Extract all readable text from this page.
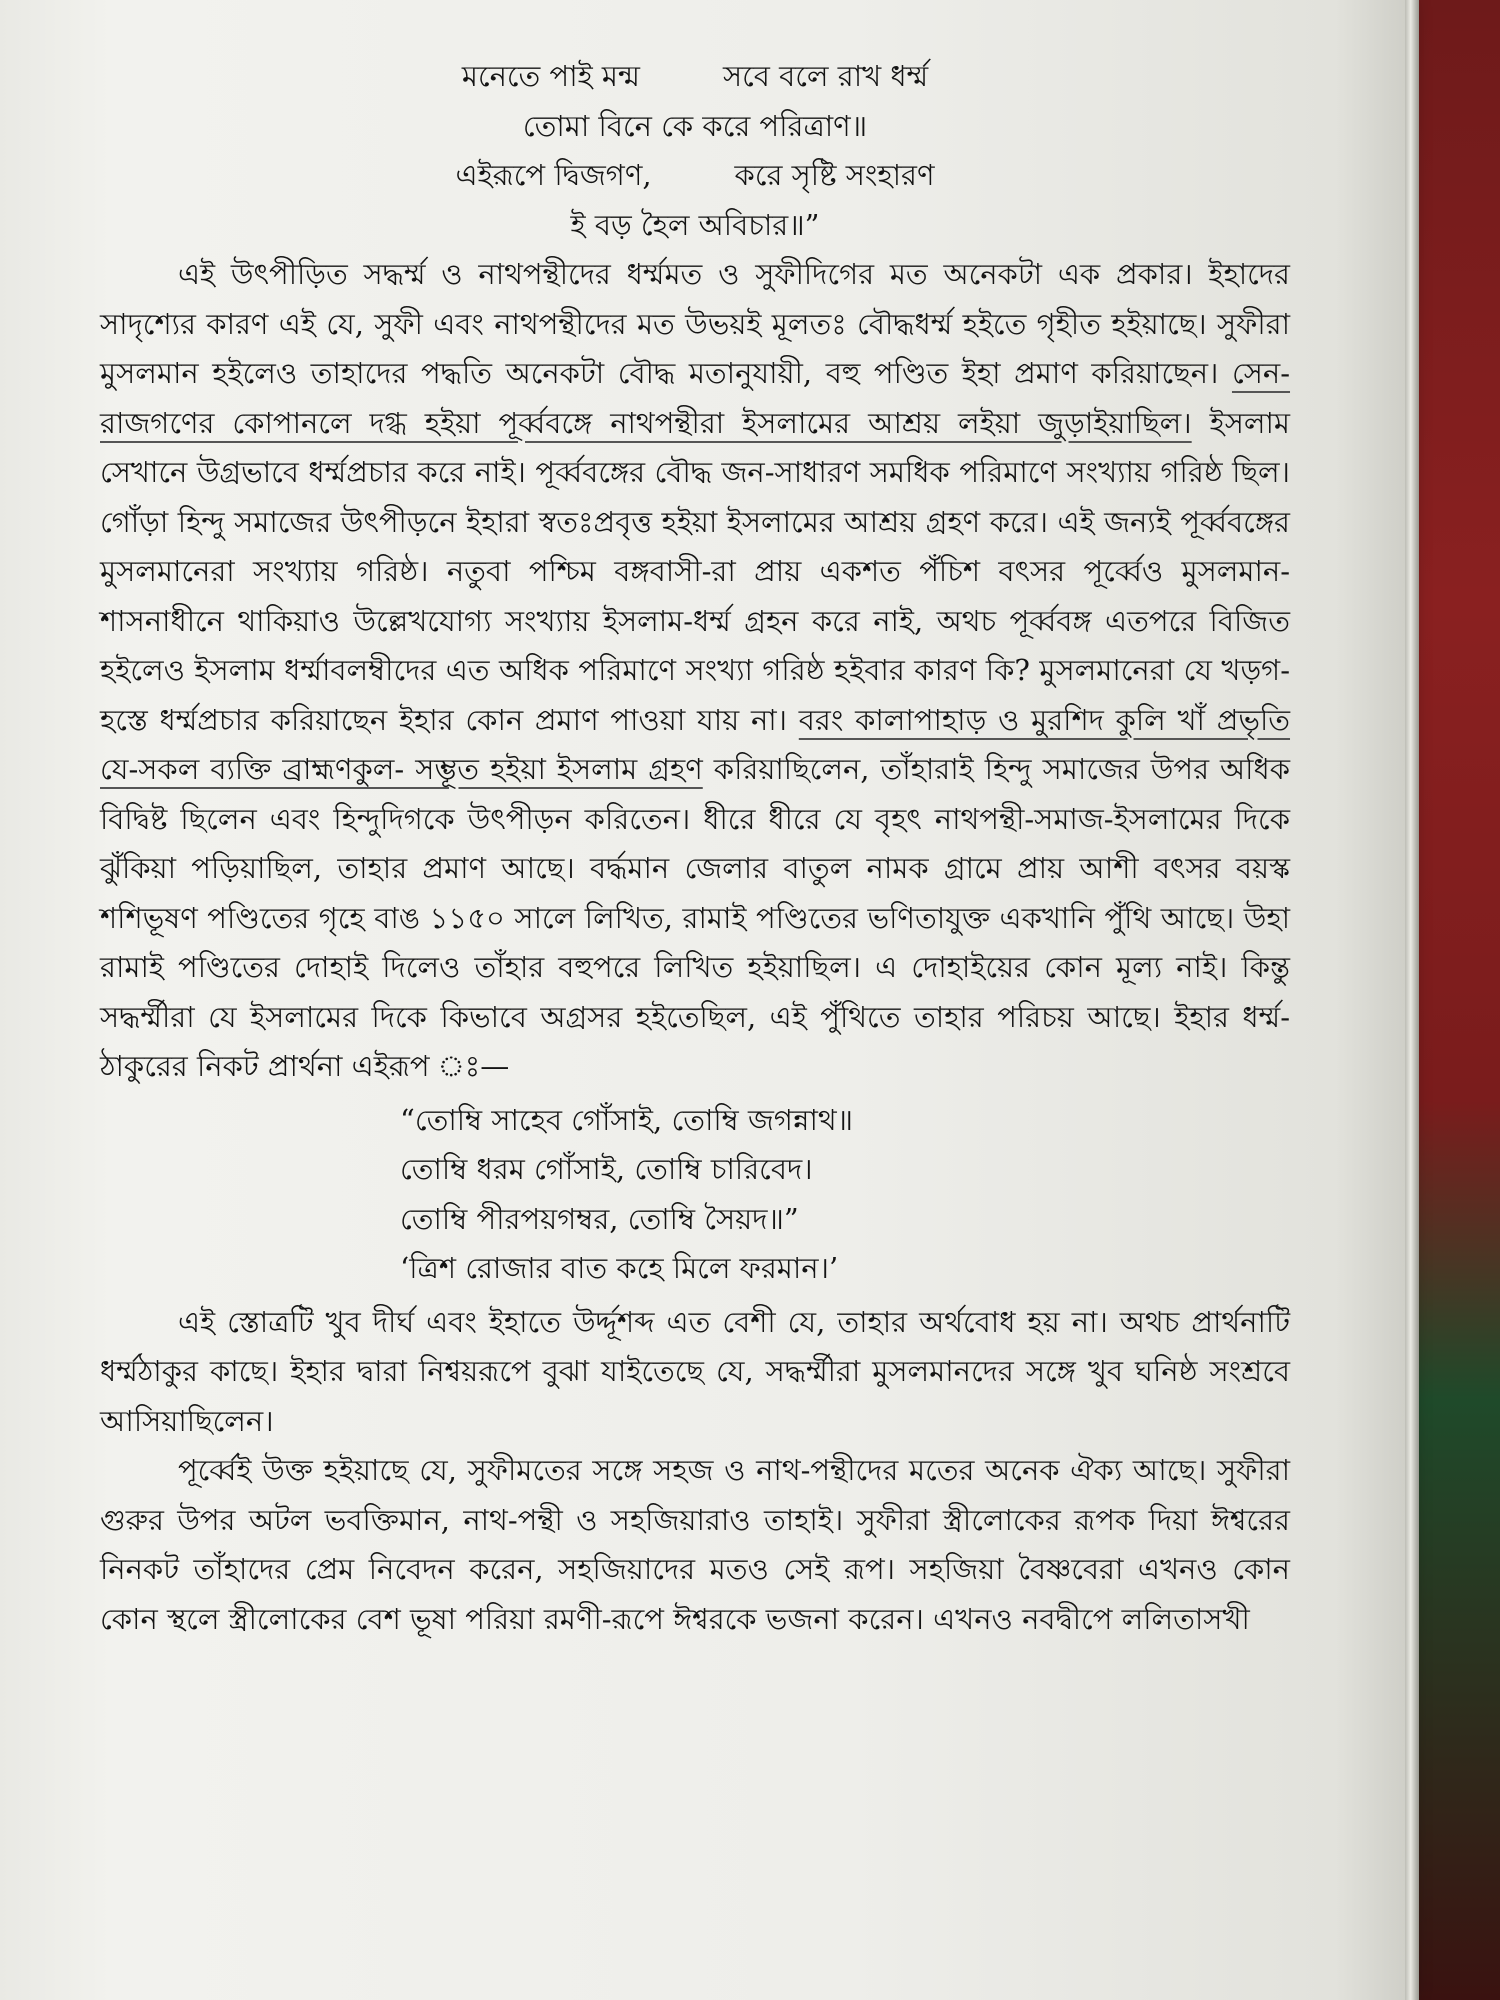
মনেতে পাই মন্ম         সবে বলে রাখ ধর্ম্ম
তোমা বিনে কে করে পরিত্রাণ॥
এইরূপে দ্বিজগণ,         করে সৃষ্টি সংহারণ
ই বড় হৈল অবিচার॥”

এই উৎপীড়িত সদ্ধর্ম্ম ও নাথপন্থীদের ধর্ম্মমত ও সুফীদিগের মত অনেকটা এক প্রকার। ইহাদের সাদৃশ্যের কারণ এই যে, সুফী এবং নাথপন্থীদের মত উভয়ই মূলতঃ বৌদ্ধধর্ম্ম হইতে গৃহীত হইয়াছে। সুফীরা মুসলমান হইলেও তাহাদের পদ্ধতি অনেকটা বৌদ্ধ মতানুযায়ী, বহু পণ্ডিত ইহা প্রমাণ করিয়াছেন। সেন-রাজগণের কোপানলে দগ্ধ হইয়া পূর্ব্ববঙ্গে নাথপন্থীরা ইসলামের আশ্রয় লইয়া জুড়াইয়াছিল। ইসলাম সেখানে উগ্রভাবে ধর্ম্মপ্রচার করে নাই। পূর্ব্ববঙ্গের বৌদ্ধ জন-সাধারণ সমধিক পরিমাণে সংখ্যায় গরিষ্ঠ ছিল। গোঁড়া হিন্দু সমাজের উৎপীড়নে ইহারা স্বতঃপ্রবৃত্ত হইয়া ইসলামের আশ্রয় গ্রহণ করে। এই জন্যই পূর্ব্ববঙ্গের মুসলমানেরা সংখ্যায় গরিষ্ঠ। নতুবা পশ্চিম বঙ্গবাসী-রা প্রায় একশত পঁচিশ বৎসর পূর্ব্বেও মুসলমান- শাসনাধীনে থাকিয়াও উল্লেখযোগ্য সংখ্যায় ইসলাম-ধর্ম্ম গ্রহন করে নাই, অথচ পূর্ব্ববঙ্গ এতপরে বিজিত হইলেও ইসলাম ধর্ম্মাবলম্বীদের এত অধিক পরিমাণে সংখ্যা গরিষ্ঠ হইবার কারণ কি? মুসলমানেরা যে খড়গ- হস্তে ধর্ম্মপ্রচার করিয়াছেন ইহার কোন প্রমাণ পাওয়া যায় না। বরং কালাপাহাড় ও মুরশিদ কুলি খাঁ প্রভৃতি যে-সকল ব্যক্তি ব্রাহ্মণকুল- সম্ভূত হইয়া ইসলাম গ্রহণ করিয়াছিলেন, তাঁহারাই হিন্দু সমাজের উপর অধিক বিদ্বিষ্ট ছিলেন এবং হিন্দুদিগকে উৎপীড়ন করিতেন। ধীরে ধীরে যে বৃহৎ নাথপন্থী-সমাজ-ইসলামের দিকে ঝুঁকিয়া পড়িয়াছিল, তাহার প্রমাণ আছে। বৰ্দ্ধমান জেলার বাতুল নামক গ্রামে প্রায় আশী বৎসর বয়স্ক শশিভূষণ পণ্ডিতের গৃহে বাঙ ১১৫০ সালে লিখিত, রামাই পণ্ডিতের ভণিতাযুক্ত একখানি পুঁথি আছে। উহা রামাই পণ্ডিতের দোহাই দিলেও তাঁহার বহুপরে লিখিত হইয়াছিল। এ দোহাইয়ের কোন মূল্য নাই। কিন্তু সদ্ধর্ম্মীরা যে ইসলামের দিকে কিভাবে অগ্রসর হইতেছিল, এই পুঁথিতে তাহার পরিচয় আছে। ইহার ধর্ম্ম-ঠাকুরের নিকট প্রার্থনা এইরূপ ঃ—

“তোম্বি সাহেব গোঁসাই, তোম্বি জগন্নাথ॥
তোম্বি ধরম গোঁসাই, তোম্বি চারিবেদ।
তোম্বি পীরপয়গম্বর, তোম্বি সৈয়দ॥”
‘ত্রিশ রোজার বাত কহে মিলে ফরমান।’

এই স্তোত্রটি খুব দীর্ঘ এবং ইহাতে উর্দ্দূশব্দ এত বেশী যে, তাহার অর্থবোধ হয় না। অথচ প্রার্থনাটি ধর্ম্মঠাকুর কাছে। ইহার দ্বারা নিশ্বয়রূপে বুঝা যাইতেছে যে, সদ্ধর্ম্মীরা মুসলমানদের সঙ্গে খুব ঘনিষ্ঠ সংশ্রবে আসিয়াছিলেন।

পূর্ব্বেই উক্ত হইয়াছে যে, সুফীমতের সঙ্গে সহজ ও নাথ-পন্থীদের মতের অনেক ঐক্য আছে। সুফীরা গুরুর উপর অটল ভবক্তিমান, নাথ-পন্থী ও সহজিয়ারাও তাহাই। সুফীরা স্ত্রীলোকের রূপক দিয়া ঈশ্বরের নিনকট তাঁহাদের প্রেম নিবেদন করেন, সহজিয়াদের মতও সেই রূপ। সহজিয়া বৈষ্ণবেরা এখনও কোন কোন স্থলে স্ত্রীলোকের বেশ ভূষা পরিয়া রমণী-রূপে ঈশ্বরকে ভজনা করেন। এখনও নবদ্বীপে ললিতাসখী
